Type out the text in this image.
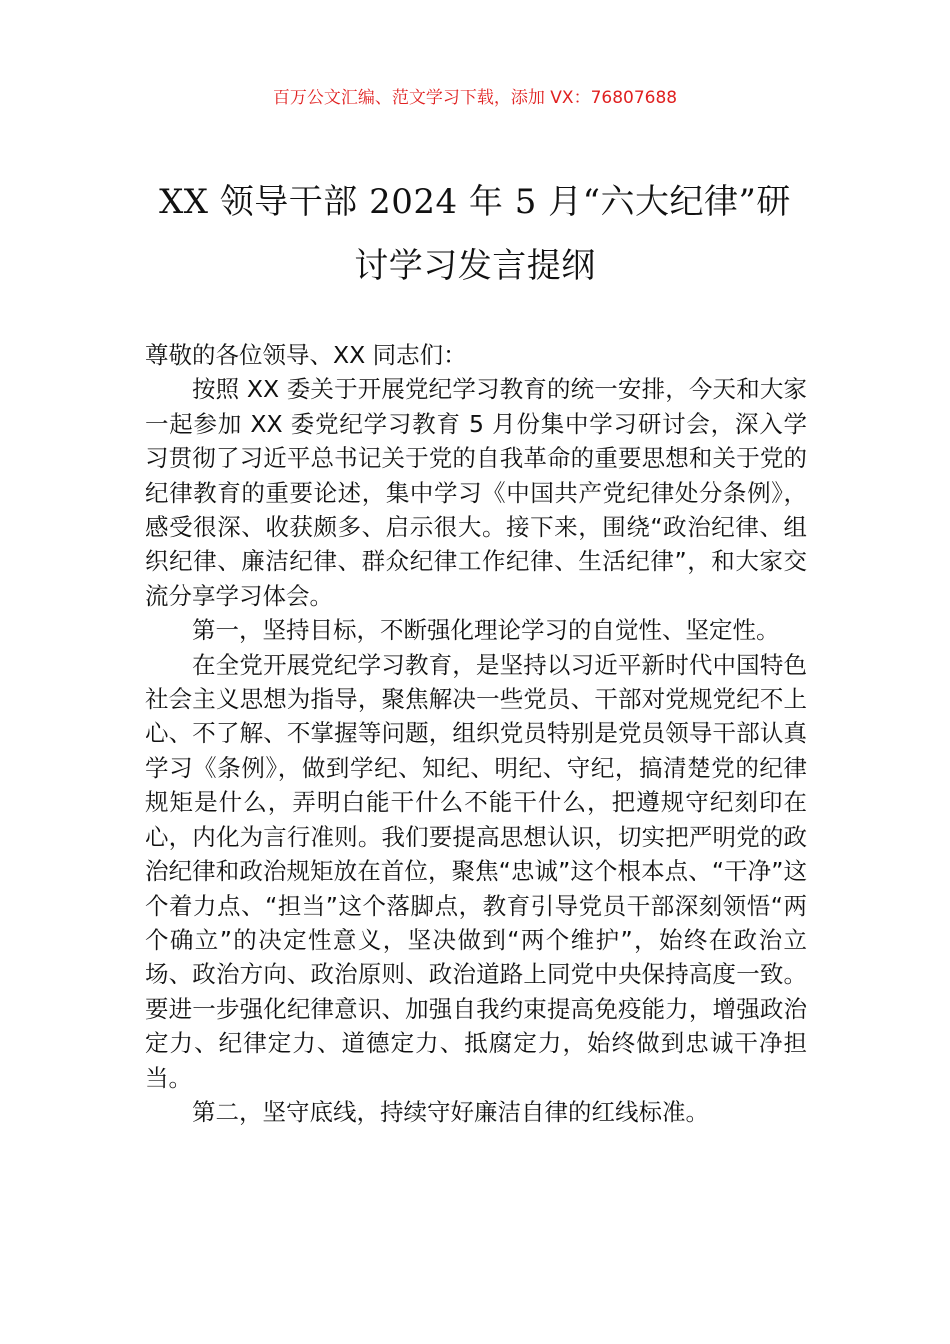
百万公文汇编、范文学习下载，添加 VX：76807688
XX 领导干部 2024 年 5 月“六大纪律”研
讨学习发言提纲

尊敬的各位领导、XX 同志们：

按照 XX 委关于开展党纪学习教育的统一安排，今天和大家一起参加 XX 委党纪学习教育 5 月份集中学习研讨会，深入学习贯彻了习近平总书记关于党的自我革命的重要思想和关于党的纪律教育的重要论述，集中学习《中国共产党纪律处分条例》，感受很深、收获颇多、启示很大。接下来，围绕“政治纪律、组织纪律、廉洁纪律、群众纪律工作纪律、生活纪律”，和大家交流分享学习体会。

第一，坚持目标，不断强化理论学习的自觉性、坚定性。

在全党开展党纪学习教育，是坚持以习近平新时代中国特色社会主义思想为指导，聚焦解决一些党员、干部对党规党纪不上心、不了解、不掌握等问题，组织党员特别是党员领导干部认真学习《条例》，做到学纪、知纪、明纪、守纪，搞清楚党的纪律规矩是什么，弄明白能干什么不能干什么，把遵规守纪刻印在心，内化为言行准则。我们要提高思想认识，切实把严明党的政治纪律和政治规矩放在首位，聚焦“忠诚”这个根本点、“干净”这个着力点、“担当”这个落脚点，教育引导党员干部深刻领悟“两个确立”的决定性意义，坚决做到“两个维护”，始终在政治立场、政治方向、政治原则、政治道路上同党中央保持高度一致。要进一步强化纪律意识、加强自我约束提高免疫能力，增强政治定力、纪律定力、道德定力、抵腐定力，始终做到忠诚干净担当。

第二，坚守底线，持续守好廉洁自律的红线标准。
